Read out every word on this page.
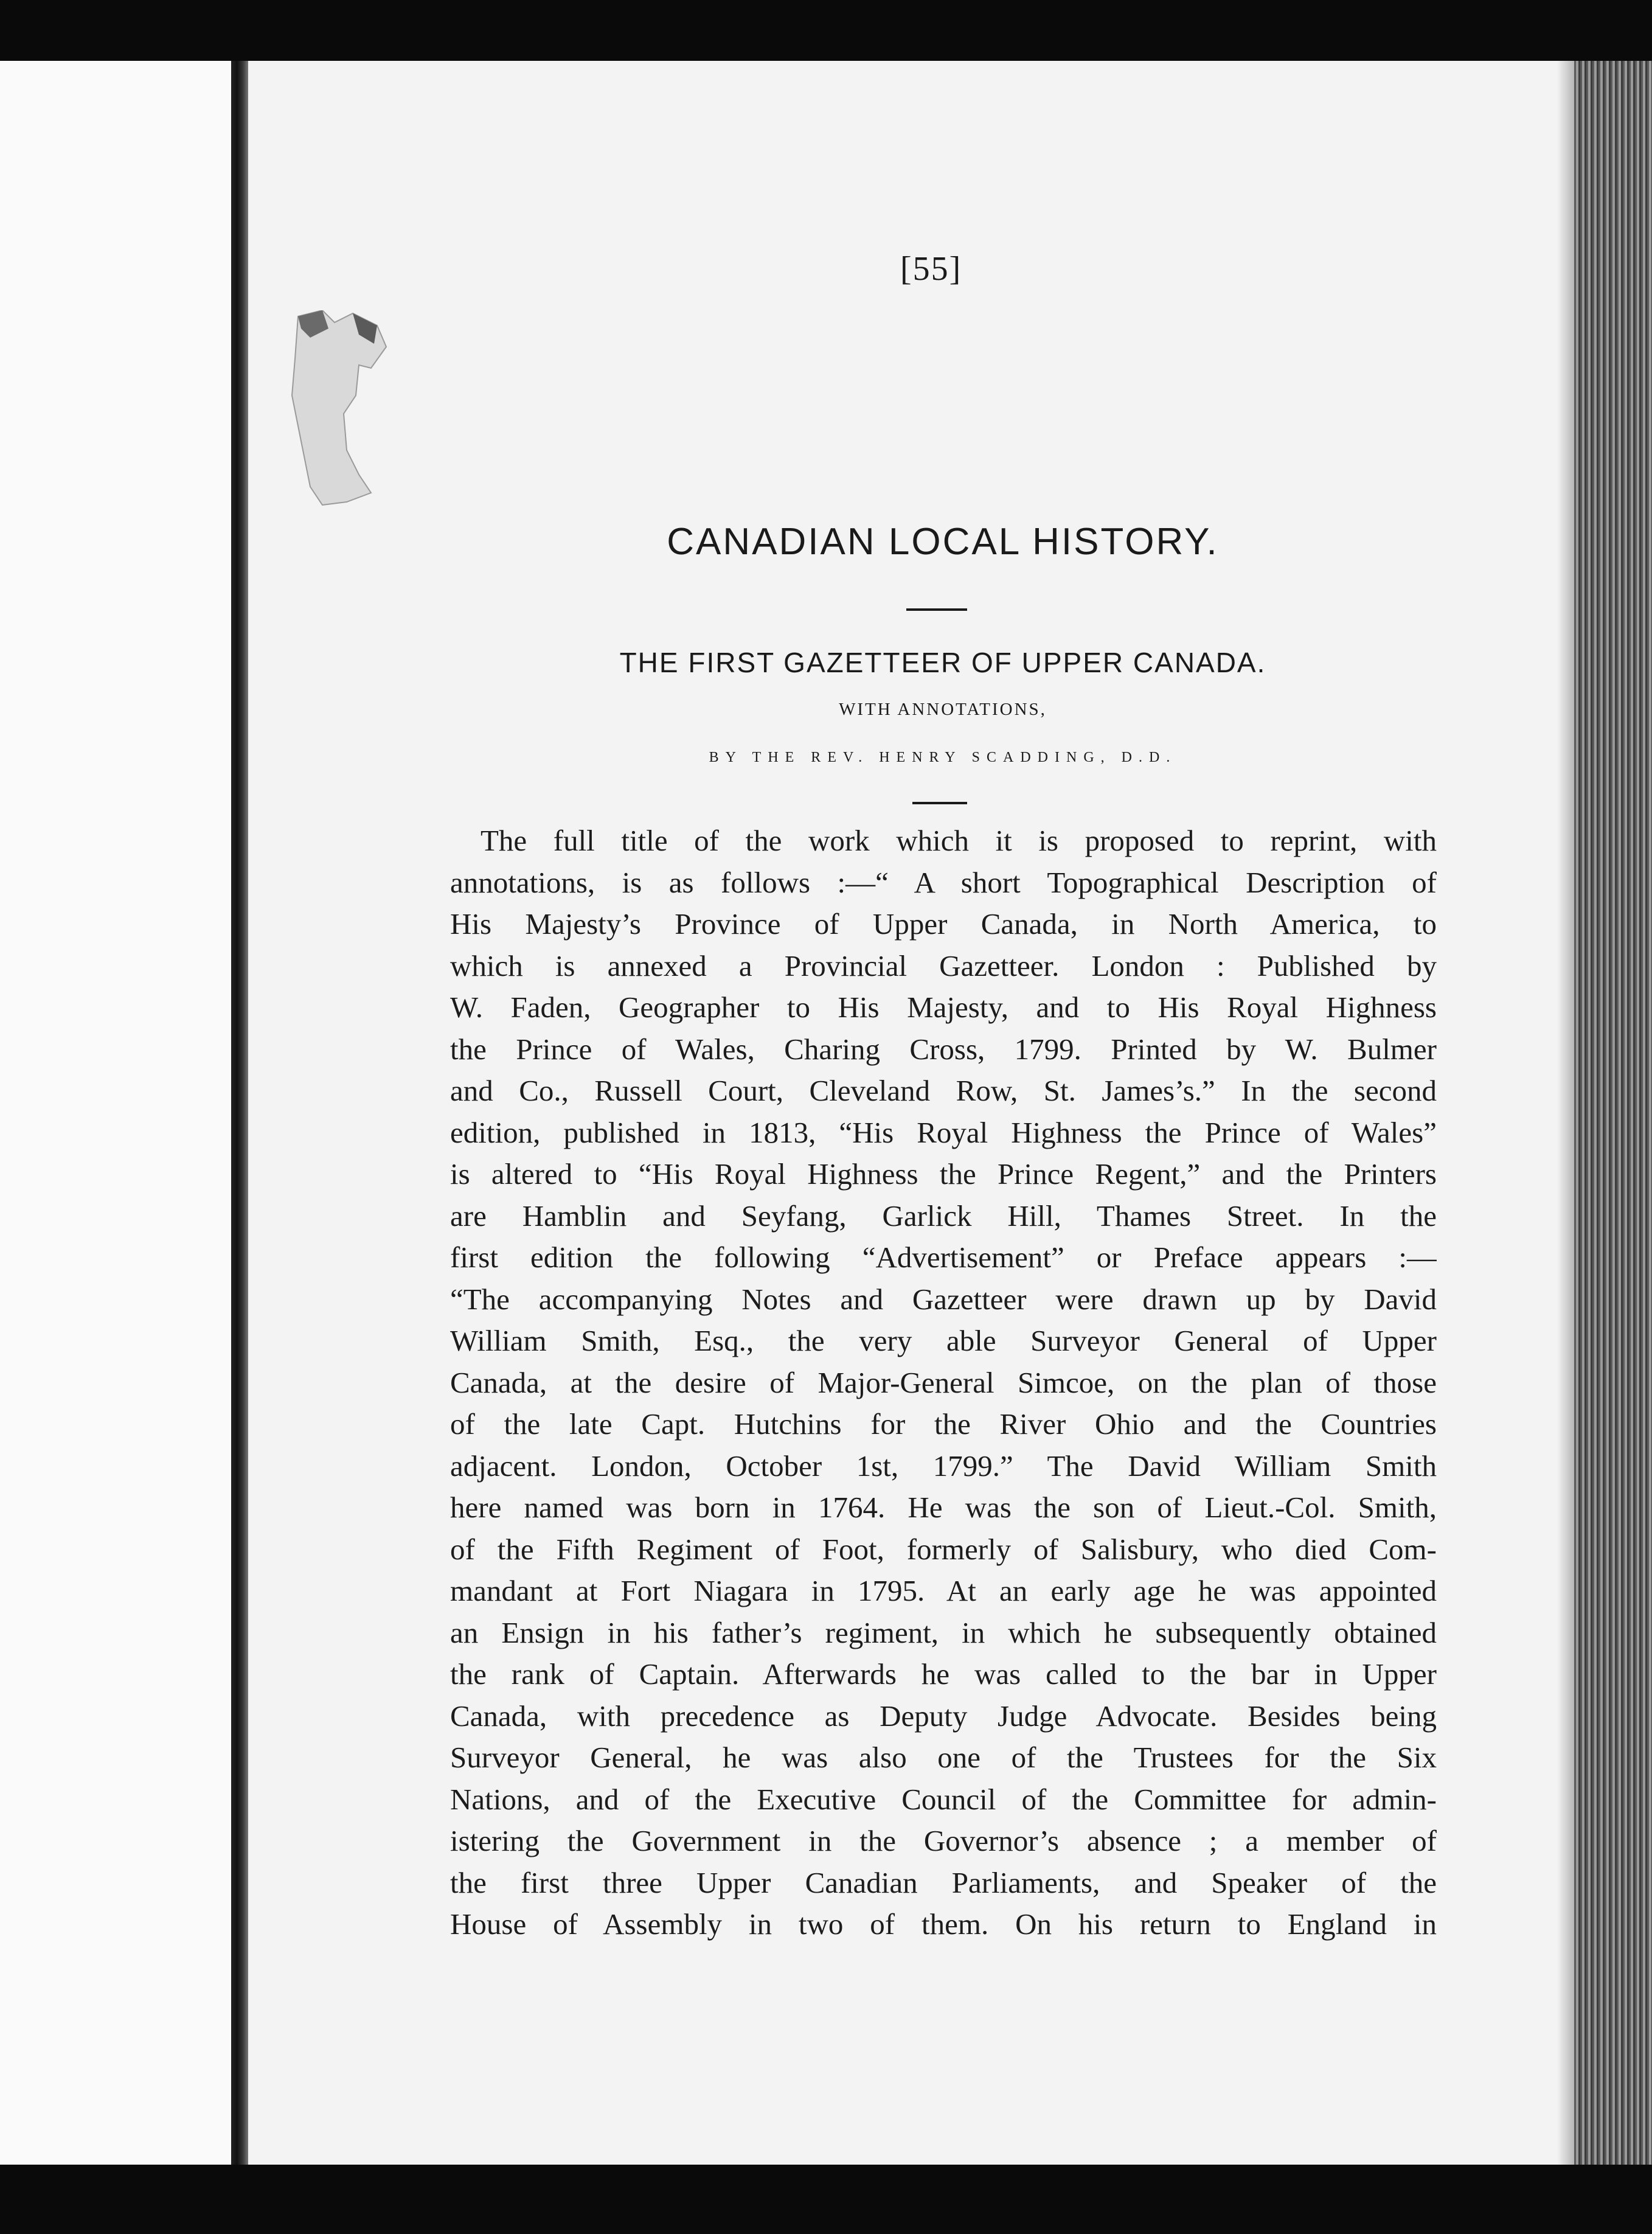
[55]
CANADIAN LOCAL HISTORY.
THE FIRST GAZETTEER OF UPPER CANADA.
WITH ANNOTATIONS,
BY THE REV. HENRY SCADDING, D.D.
The full title of the work which it is proposed to reprint, with
annotations, is as follows :—“ A short Topographical Description of
His Majesty’s Province of Upper Canada, in North America, to
which is annexed a Provincial Gazetteer. London : Published by
W. Faden, Geographer to His Majesty, and to His Royal Highness
the Prince of Wales, Charing Cross, 1799. Printed by W. Bulmer
and Co., Russell Court, Cleveland Row, St. James’s.” In the second
edition, published in 1813, “His Royal Highness the Prince of Wales”
is altered to “His Royal Highness the Prince Regent,” and the Printers
are Hamblin and Seyfang, Garlick Hill, Thames Street. In the
first edition the following “Advertisement” or Preface appears :—
“The accompanying Notes and Gazetteer were drawn up by David
William Smith, Esq., the very able Surveyor General of Upper
Canada, at the desire of Major-General Simcoe, on the plan of those
of the late Capt. Hutchins for the River Ohio and the Countries
adjacent. London, October 1st, 1799.” The David William Smith
here named was born in 1764. He was the son of Lieut.-Col. Smith,
of the Fifth Regiment of Foot, formerly of Salisbury, who died Com-
mandant at Fort Niagara in 1795. At an early age he was appointed
an Ensign in his father’s regiment, in which he subsequently obtained
the rank of Captain. Afterwards he was called to the bar in Upper
Canada, with precedence as Deputy Judge Advocate. Besides being
Surveyor General, he was also one of the Trustees for the Six
Nations, and of the Executive Council of the Committee for admin-
istering the Government in the Governor’s absence ; a member of
the first three Upper Canadian Parliaments, and Speaker of the
House of Assembly in two of them. On his return to England in
